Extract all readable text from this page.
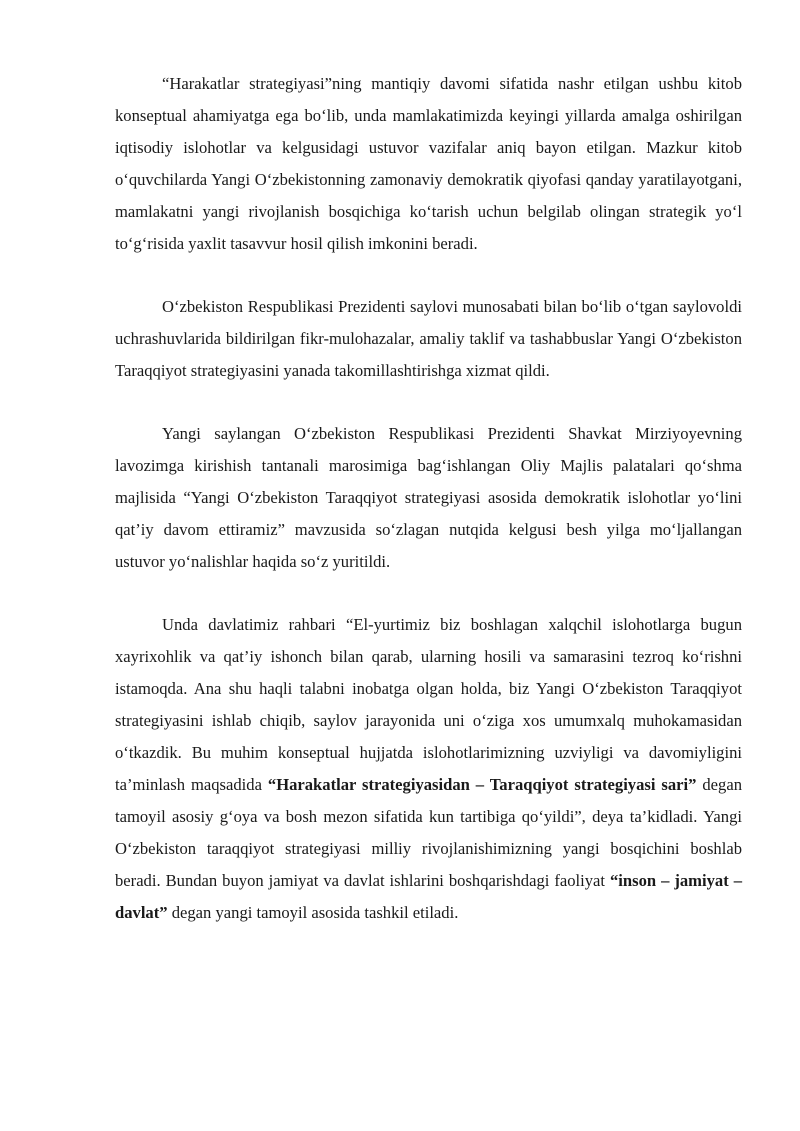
“Harakatlar strategiyasi”ning mantiqiy davomi sifatida nashr etilgan ushbu kitob konseptual ahamiyatga ega boʻlib, unda mamlakatimizda keyingi yillarda amalga oshirilgan iqtisodiy islohotlar va kelgusidagi ustuvor vazifalar aniq bayon etilgan. Mazkur kitob oʻquvchilarda Yangi Oʻzbekistonning zamonaviy demokratik qiyofasi qanday yaratilayotgani, mamlakatni yangi rivojlanish bosqichiga koʻtarish uchun belgilab olingan strategik yoʻl toʻgʻrisida yaxlit tasavvur hosil qilish imkonini beradi.

Oʻzbekiston Respublikasi Prezidenti saylovi munosabati bilan boʻlib oʻtgan saylovoldi uchrashuvlarida bildirilgan fikr-mulohazalar, amaliy taklif va tashabbuslar Yangi Oʻzbekiston Taraqqiyot strategiyasini yanada takomillashtirishga xizmat qildi.

Yangi saylangan Oʻzbekiston Respublikasi Prezidenti Shavkat Mirziyoyevning lavozimga kirishish tantanali marosimiga bagʻishlangan Oliy Majlis palatalari qoʻshma majlisida “Yangi Oʻzbekiston Taraqqiyot strategiyasi asosida demokratik islohotlar yoʻlini qat’iy davom ettiramiz” mavzusida soʻzlagan nutqida kelgusi besh yilga moʻljallangan ustuvor yoʻnalishlar haqida soʻz yuritildi.

Unda davlatimiz rahbari “El-yurtimiz biz boshlagan xalqchil islohotlarga bugun xayrixohlik va qat’iy ishonch bilan qarab, ularning hosili va samarasini tezroq koʻrishni istamoqda. Ana shu haqli talabni inobatga olgan holda, biz Yangi Oʻzbekiston Taraqqiyot strategiyasini ishlab chiqib, saylov jarayonida uni oʻziga xos umumxalq muhokamasidan oʻtkazdik. Bu muhim konseptual hujjatda islohotlarimizning uzviyligi va davomiyligini ta’minlash maqsadida “Harakatlar strategiyasidan – Taraqqiyot strategiyasi sari” degan tamoyil asosiy gʻoya va bosh mezon sifatida kun tartibiga qoʻyildi”, deya ta’kidladi. Yangi Oʻzbekiston taraqqiyot strategiyasi milliy rivojlanishimizning yangi bosqichini boshlab beradi. Bundan buyon jamiyat va davlat ishlarini boshqarishdagi faoliyat “inson – jamiyat – davlat” degan yangi tamoyil asosida tashkil etiladi.
